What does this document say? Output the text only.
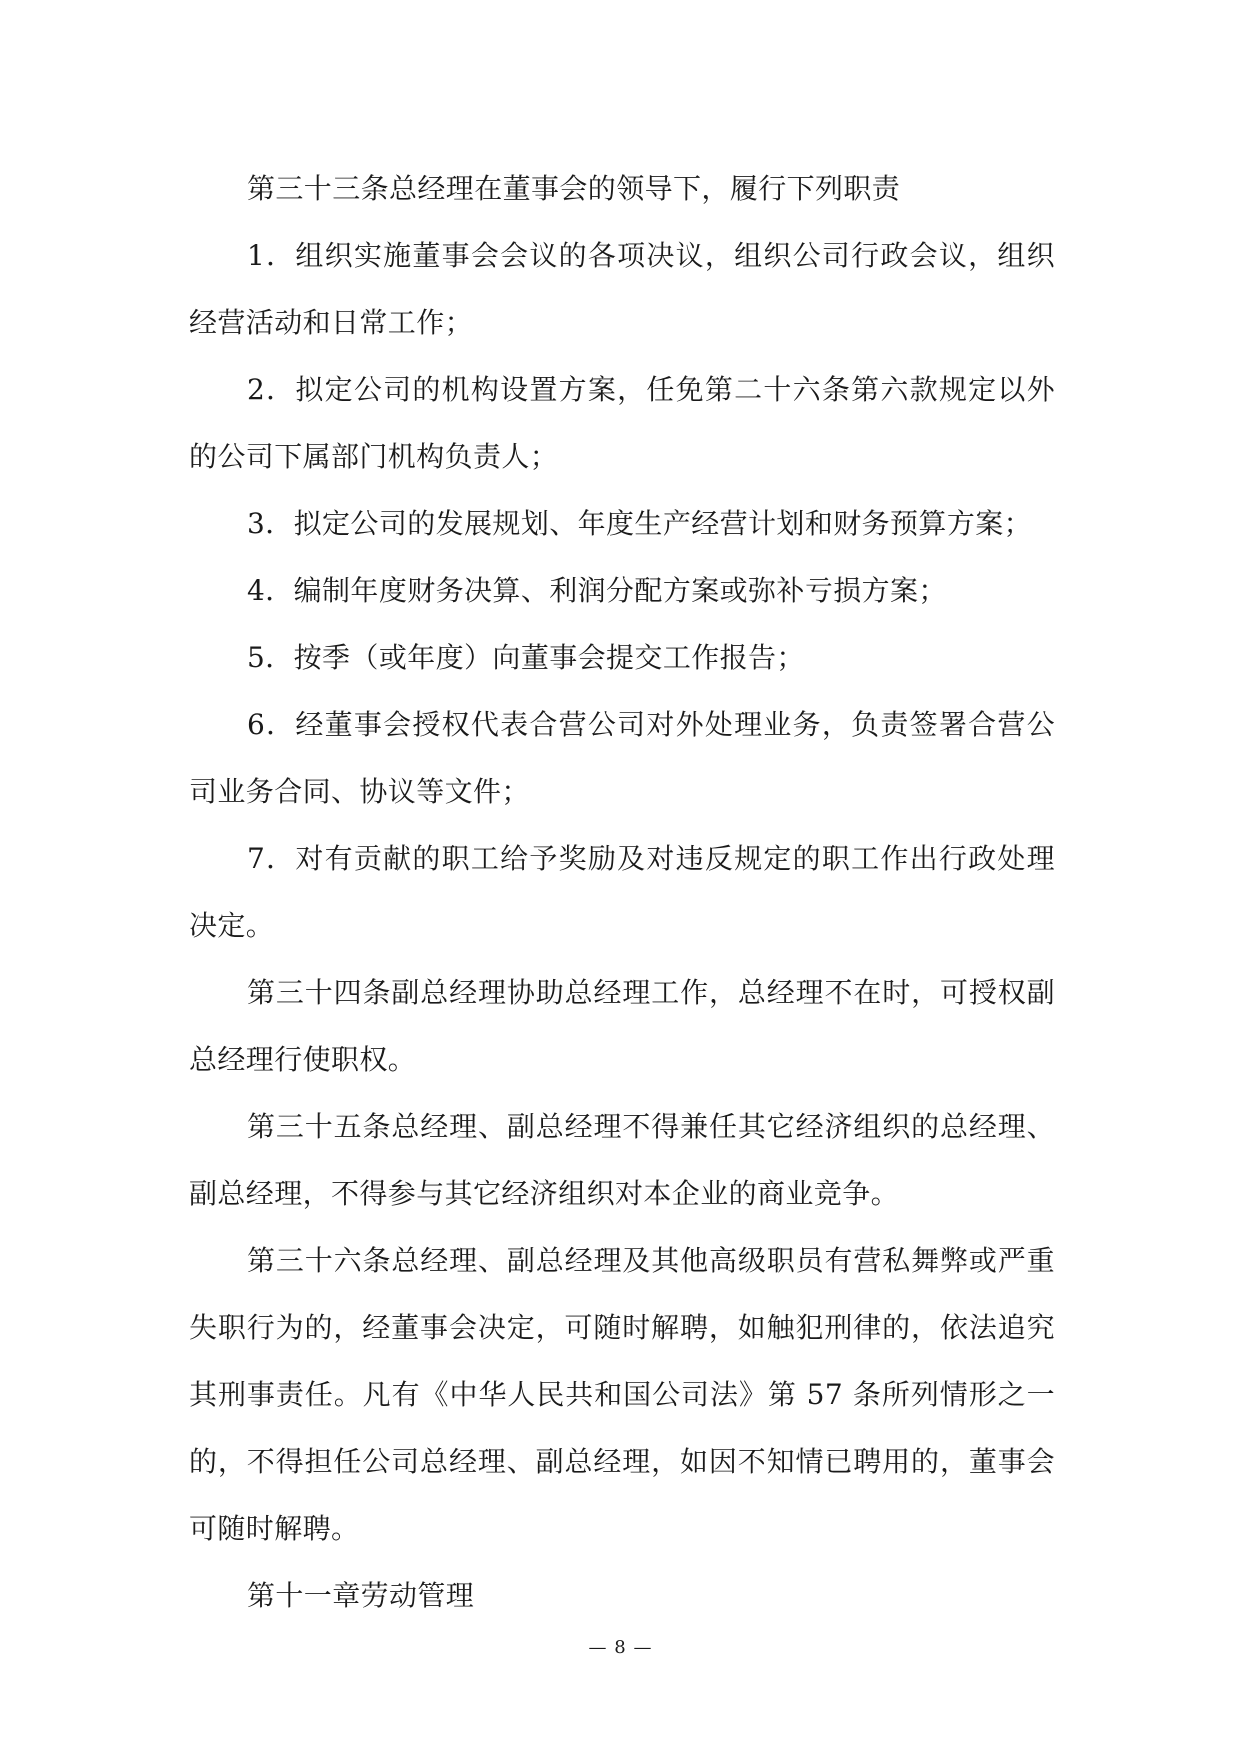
第三十三条总经理在董事会的领导下，履行下列职责

1．组织实施董事会会议的各项决议，组织公司行政会议，组织经营活动和日常工作；

2．拟定公司的机构设置方案，任免第二十六条第六款规定以外的公司下属部门机构负责人；

3．拟定公司的发展规划、年度生产经营计划和财务预算方案；

4．编制年度财务决算、利润分配方案或弥补亏损方案；

5．按季（或年度）向董事会提交工作报告；

6．经董事会授权代表合营公司对外处理业务，负责签署合营公司业务合同、协议等文件；

7．对有贡献的职工给予奖励及对违反规定的职工作出行政处理决定。

第三十四条副总经理协助总经理工作，总经理不在时，可授权副总经理行使职权。

第三十五条总经理、副总经理不得兼任其它经济组织的总经理、副总经理，不得参与其它经济组织对本企业的商业竞争。

第三十六条总经理、副总经理及其他高级职员有营私舞弊或严重失职行为的，经董事会决定，可随时解聘，如触犯刑律的，依法追究其刑事责任。凡有《中华人民共和国公司法》第 57 条所列情形之一的，不得担任公司总经理、副总经理，如因不知情已聘用的，董事会可随时解聘。

第十一章劳动管理

— 8 —
